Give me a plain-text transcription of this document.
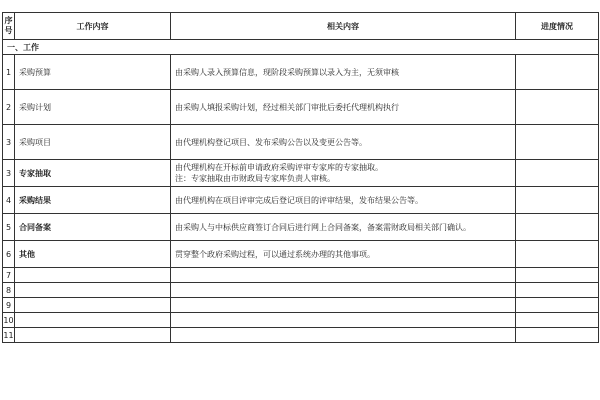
序
号	工作内容	相关内容	进度情况
一、工作			
1	采购预算	由采购人录入预算信息，现阶段采购预算以录入为主，无须审核	

2	采购计划	由采购人填报采购计划，经过相关部门审批后委托代理机构执行	

3	采购项目	由代理机构登记项目、发布采购公告以及变更公告等。	

3	专家抽取	由代理机构在开标前申请政府采购评审专家库的专家抽取。
注：专家抽取由市财政局专家库负责人审核。	

4	采购结果	由代理机构在项目评审完成后登记项目的评审结果，发布结果公告等。	

5	合同备案	由采购人与中标供应商签订合同后进行网上合同备案，备案需财政局相关部门确认。	

6	其他	贯穿整个政府采购过程，可以通过系统办理的其他事项。	

7		

8		

9		

10		

11		
